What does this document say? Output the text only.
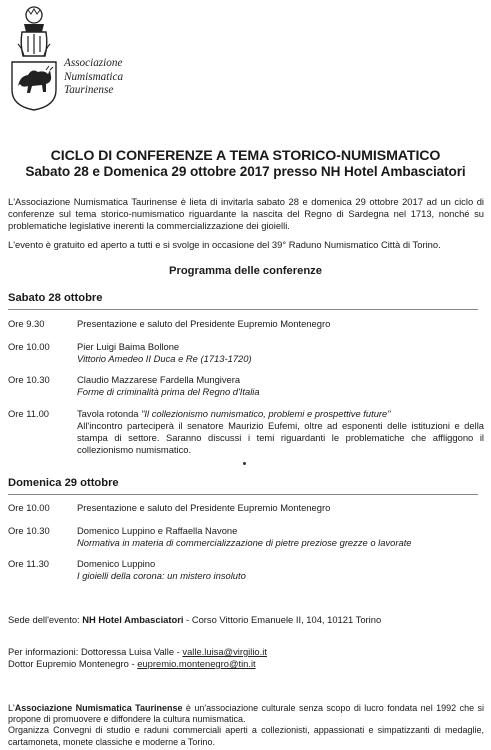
Associazione
Numismatica
Taurinense
CICLO DI CONFERENZE A TEMA STORICO-NUMISMATICO
Sabato 28 e Domenica 29 ottobre 2017 presso NH Hotel Ambasciatori
L'Associazione Numismatica Taurinense è lieta di invitarla sabato 28 e domenica 29 ottobre 2017 ad un ciclo di conferenze sul tema storico-numismatico riguardante la nascita del Regno di Sardegna nel 1713, nonché su problematiche legislative inerenti la commercializzazione dei gioielli.
L'evento è gratuito ed aperto a tutti e si svolge in occasione del 39° Raduno Numismatico Città di Torino.
Programma delle conferenze
Sabato 28 ottobre
Ore 9.30	Presentazione e saluto del Presidente Eupremio Montenegro
Ore 10.00	Pier Luigi Baima Bollone
Vittorio Amedeo II Duca e Re (1713-1720)
Ore 10.30	Claudio Mazzarese Fardella Mungivera
Forme di criminalità prima del Regno d'Italia
Ore 11.00	Tavola rotonda "Il collezionismo numismatico, problemi e prospettive future"
All'incontro parteciperà il senatore Maurizio Eufemi, oltre ad esponenti delle istituzioni e della stampa di settore. Saranno discussi i temi riguardanti le problematiche che affliggono il collezionismo numismatico.
Domenica 29 ottobre
Ore 10.00	Presentazione e saluto del Presidente Eupremio Montenegro
Ore 10.30	Domenico Luppino e Raffaella Navone
Normativa in materia di commercializzazione di pietre preziose grezze o lavorate
Ore 11.30	Domenico Luppino
I gioielli della corona: un mistero insoluto
Sede dell'evento: NH Hotel Ambasciatori - Corso Vittorio Emanuele II, 104, 10121 Torino
Per informazioni: Dottoressa Luisa Valle - valle.luisa@virgilio.it
Dottor Eupremio Montenegro - eupremio.montenegro@tin.it
L'Associazione Numismatica Taurinense è un'associazione culturale senza scopo di lucro fondata nel 1992 che si propone di promuovere e diffondere la cultura numismatica.
Organizza Convegni di studio e raduni commerciali aperti a collezionisti, appassionati e simpatizzanti di medaglie, cartamoneta, monete classiche e moderne a Torino.
